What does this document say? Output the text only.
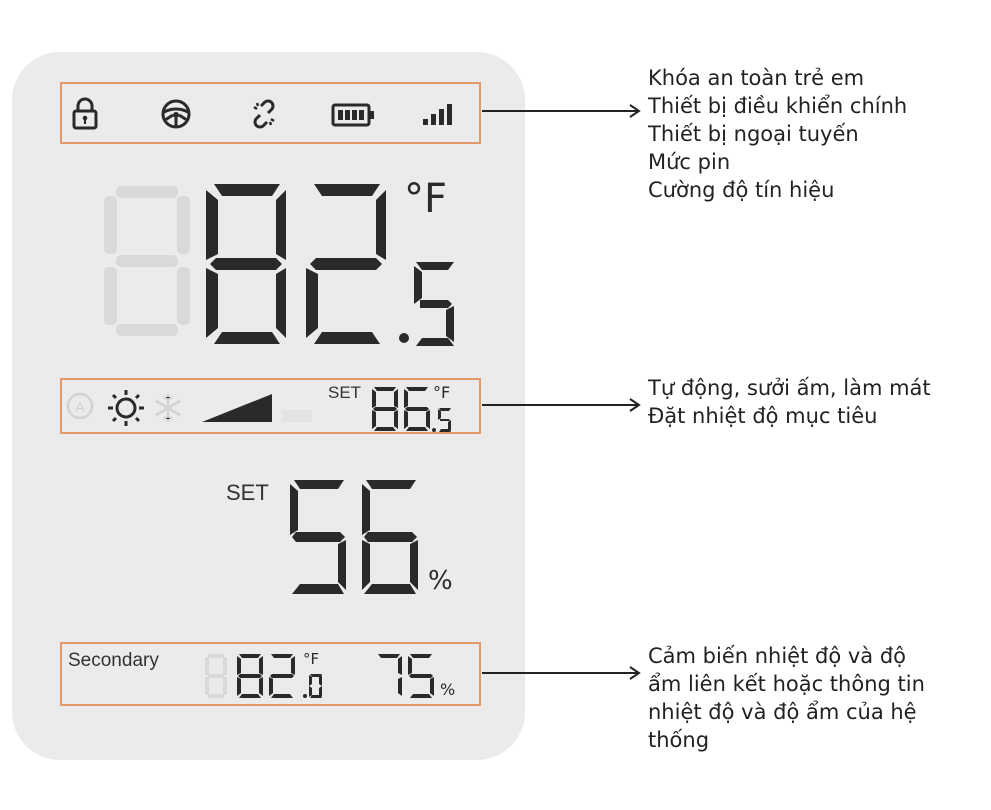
°F
A
SET	°F
SET
%
Secondary	°F
%
Khóa an toàn trẻ em
Thiết bị điều khiển chính
Thiết bị ngoại tuyến
Mức pin
Cường độ tín hiệu
Tự động, sưởi ấm, làm mát
Đặt nhiệt độ mục tiêu
Cảm biến nhiệt độ và độ
ẩm liên kết hoặc thông tin
nhiệt độ và độ ẩm của hệ
thống
